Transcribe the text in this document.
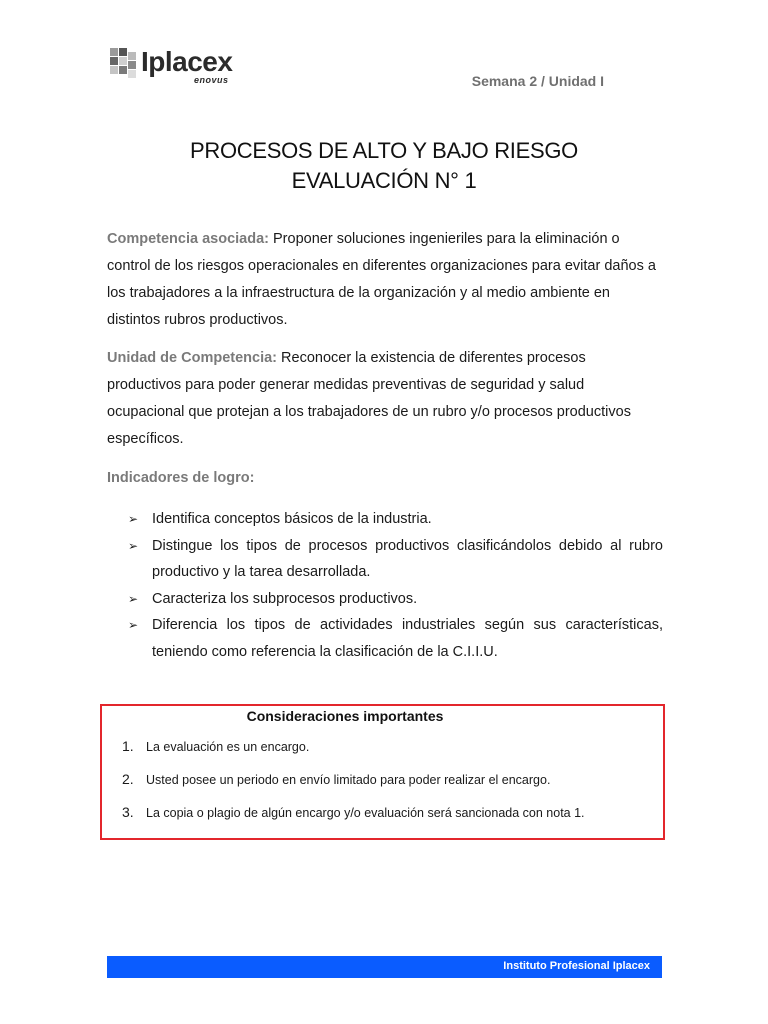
Iplacex
enovus	Semana 2 / Unidad I
PROCESOS DE ALTO Y BAJO RIESGO
EVALUACIÓN N° 1
Competencia asociada: Proponer soluciones ingenieriles para la eliminación o control de los riesgos operacionales en diferentes organizaciones para evitar daños a los trabajadores a la infraestructura de la organización y al medio ambiente en distintos rubros productivos.
Unidad de Competencia: Reconocer la existencia de diferentes procesos productivos para poder generar medidas preventivas de seguridad y salud ocupacional que protejan a los trabajadores de un rubro y/o procesos productivos específicos.
Indicadores de logro:
➢ Identifica conceptos básicos de la industria.
➢ Distingue los tipos de procesos productivos clasificándolos debido al rubro productivo y la tarea desarrollada.
➢ Caracteriza los subprocesos productivos.
➢ Diferencia los tipos de actividades industriales según sus características, teniendo como referencia la clasificación de la C.I.I.U.
Consideraciones importantes
1. La evaluación es un encargo.
2. Usted posee un periodo en envío limitado para poder realizar el encargo.
3. La copia o plagio de algún encargo y/o evaluación será sancionada con nota 1.
Instituto Profesional Iplacex
